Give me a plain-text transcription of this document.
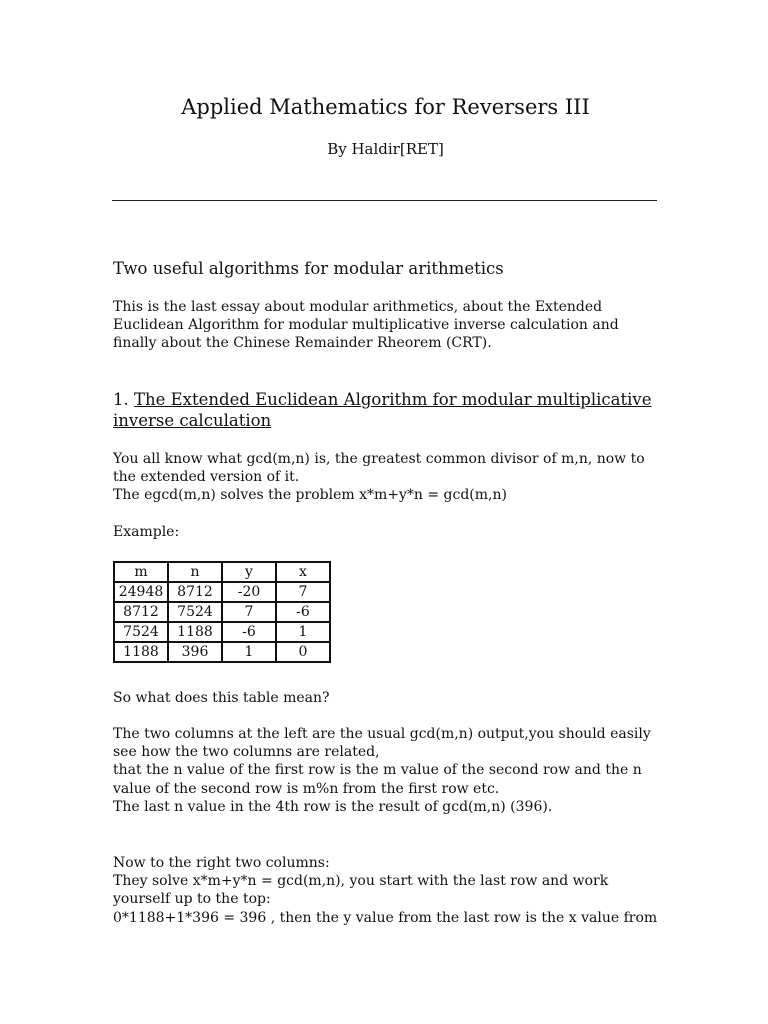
Applied Mathematics for Reversers III
By Haldir[RET]
Two useful algorithms for modular arithmetics
This is the last essay about modular arithmetics, about the Extended
Euclidean Algorithm for modular multiplicative inverse calculation and
finally about the Chinese Remainder Rheorem (CRT).
1. The Extended Euclidean Algorithm for modular multiplicative
inverse calculation
You all know what gcd(m,n) is, the greatest common divisor of m,n, now to
the extended version of it.
The egcd(m,n) solves the problem x*m+y*n = gcd(m,n)
Example:
m	n	y	x
24948	8712	-20	7
8712	7524	7	-6
7524	1188	-6	1
1188	396	1	0
So what does this table mean?
The two columns at the left are the usual gcd(m,n) output,you should easily
see how the two columns are related,
that the n value of the first row is the m value of the second row and the n
value of the second row is m%n from the first row etc.
The last n value in the 4th row is the result of gcd(m,n) (396).
Now to the right two columns:
They solve x*m+y*n = gcd(m,n), you start with the last row and work
yourself up to the top:
0*1188+1*396 = 396 , then the y value from the last row is the x value from
